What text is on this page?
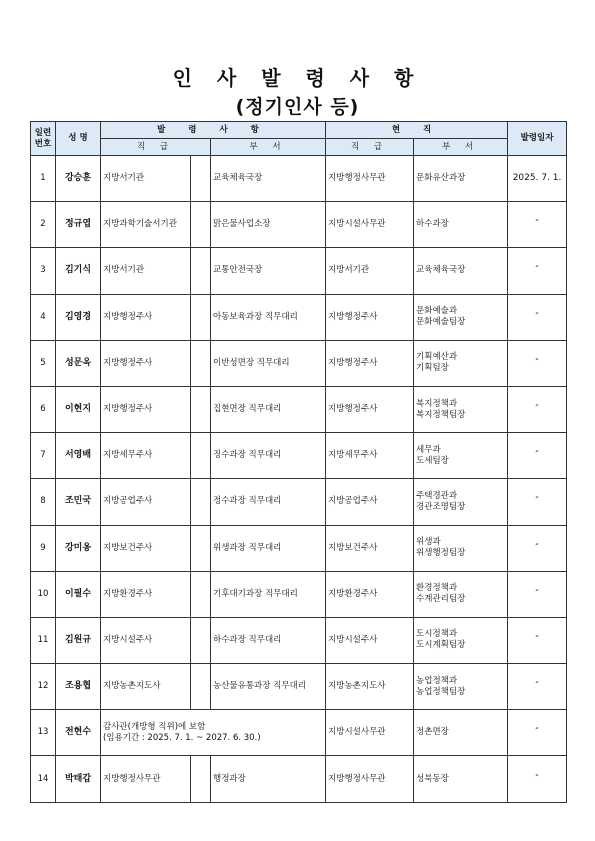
인 사 발 령 사 항
(정기인사 등)
일련
번호	성 명	발 령 사 항			현 직		발령일자
		직 급		부 서	직 급	부 서	
1	강승훈	지방서기관		교육체육국장	지방행정사무관	문화유산과장	2025. 7. 1.
2	정규엽	지방과학기술서기관		맑은물사업소장	지방시설사무관	하수과장	″
3	김기식	지방서기관		교통안전국장	지방서기관	교육체육국장	″
4	김영경	지방행정주사		아동보육과장 직무대리	지방행정주사	문화예술과
문화예술팀장	″
5	성문옥	지방행정주사		이반성면장 직무대리	지방행정주사	기획예산과
기획팀장	″
6	이현지	지방행정주사		집현면장 직무대리	지방행정주사	복지정책과
복지정책팀장	″
7	서영배	지방세무주사		징수과장 직무대리	지방세무주사	세무과
도세팀장	″
8	조민국	지방공업주사		정수과장 직무대리	지방공업주사	주택경관과
경관조명팀장	″
9	강미옹	지방보건주사		위생과장 직무대리	지방보건주사	위생과
위생행정팀장	″
10	이필수	지방환경주사		기후대기과장 직무대리	지방환경주사	환경정책과
수계관리팀장	″
11	김원규	지방시설주사		하수과장 직무대리	지방시설주사	도시정책과
도시계획팀장	″
12	조용협	지방농촌지도사		농산물유통과장 직무대리	지방농촌지도사	농업정책과
농업정책팀장	″
13	전현수	감사관(개방형 직위)에 보함
(임용기간 : 2025. 7. 1. ~ 2027. 6. 30.)			지방시설사무관	정촌면장	″
14	박태갑	지방행정사무관		행정과장	지방행정사무관	성북동장	″
